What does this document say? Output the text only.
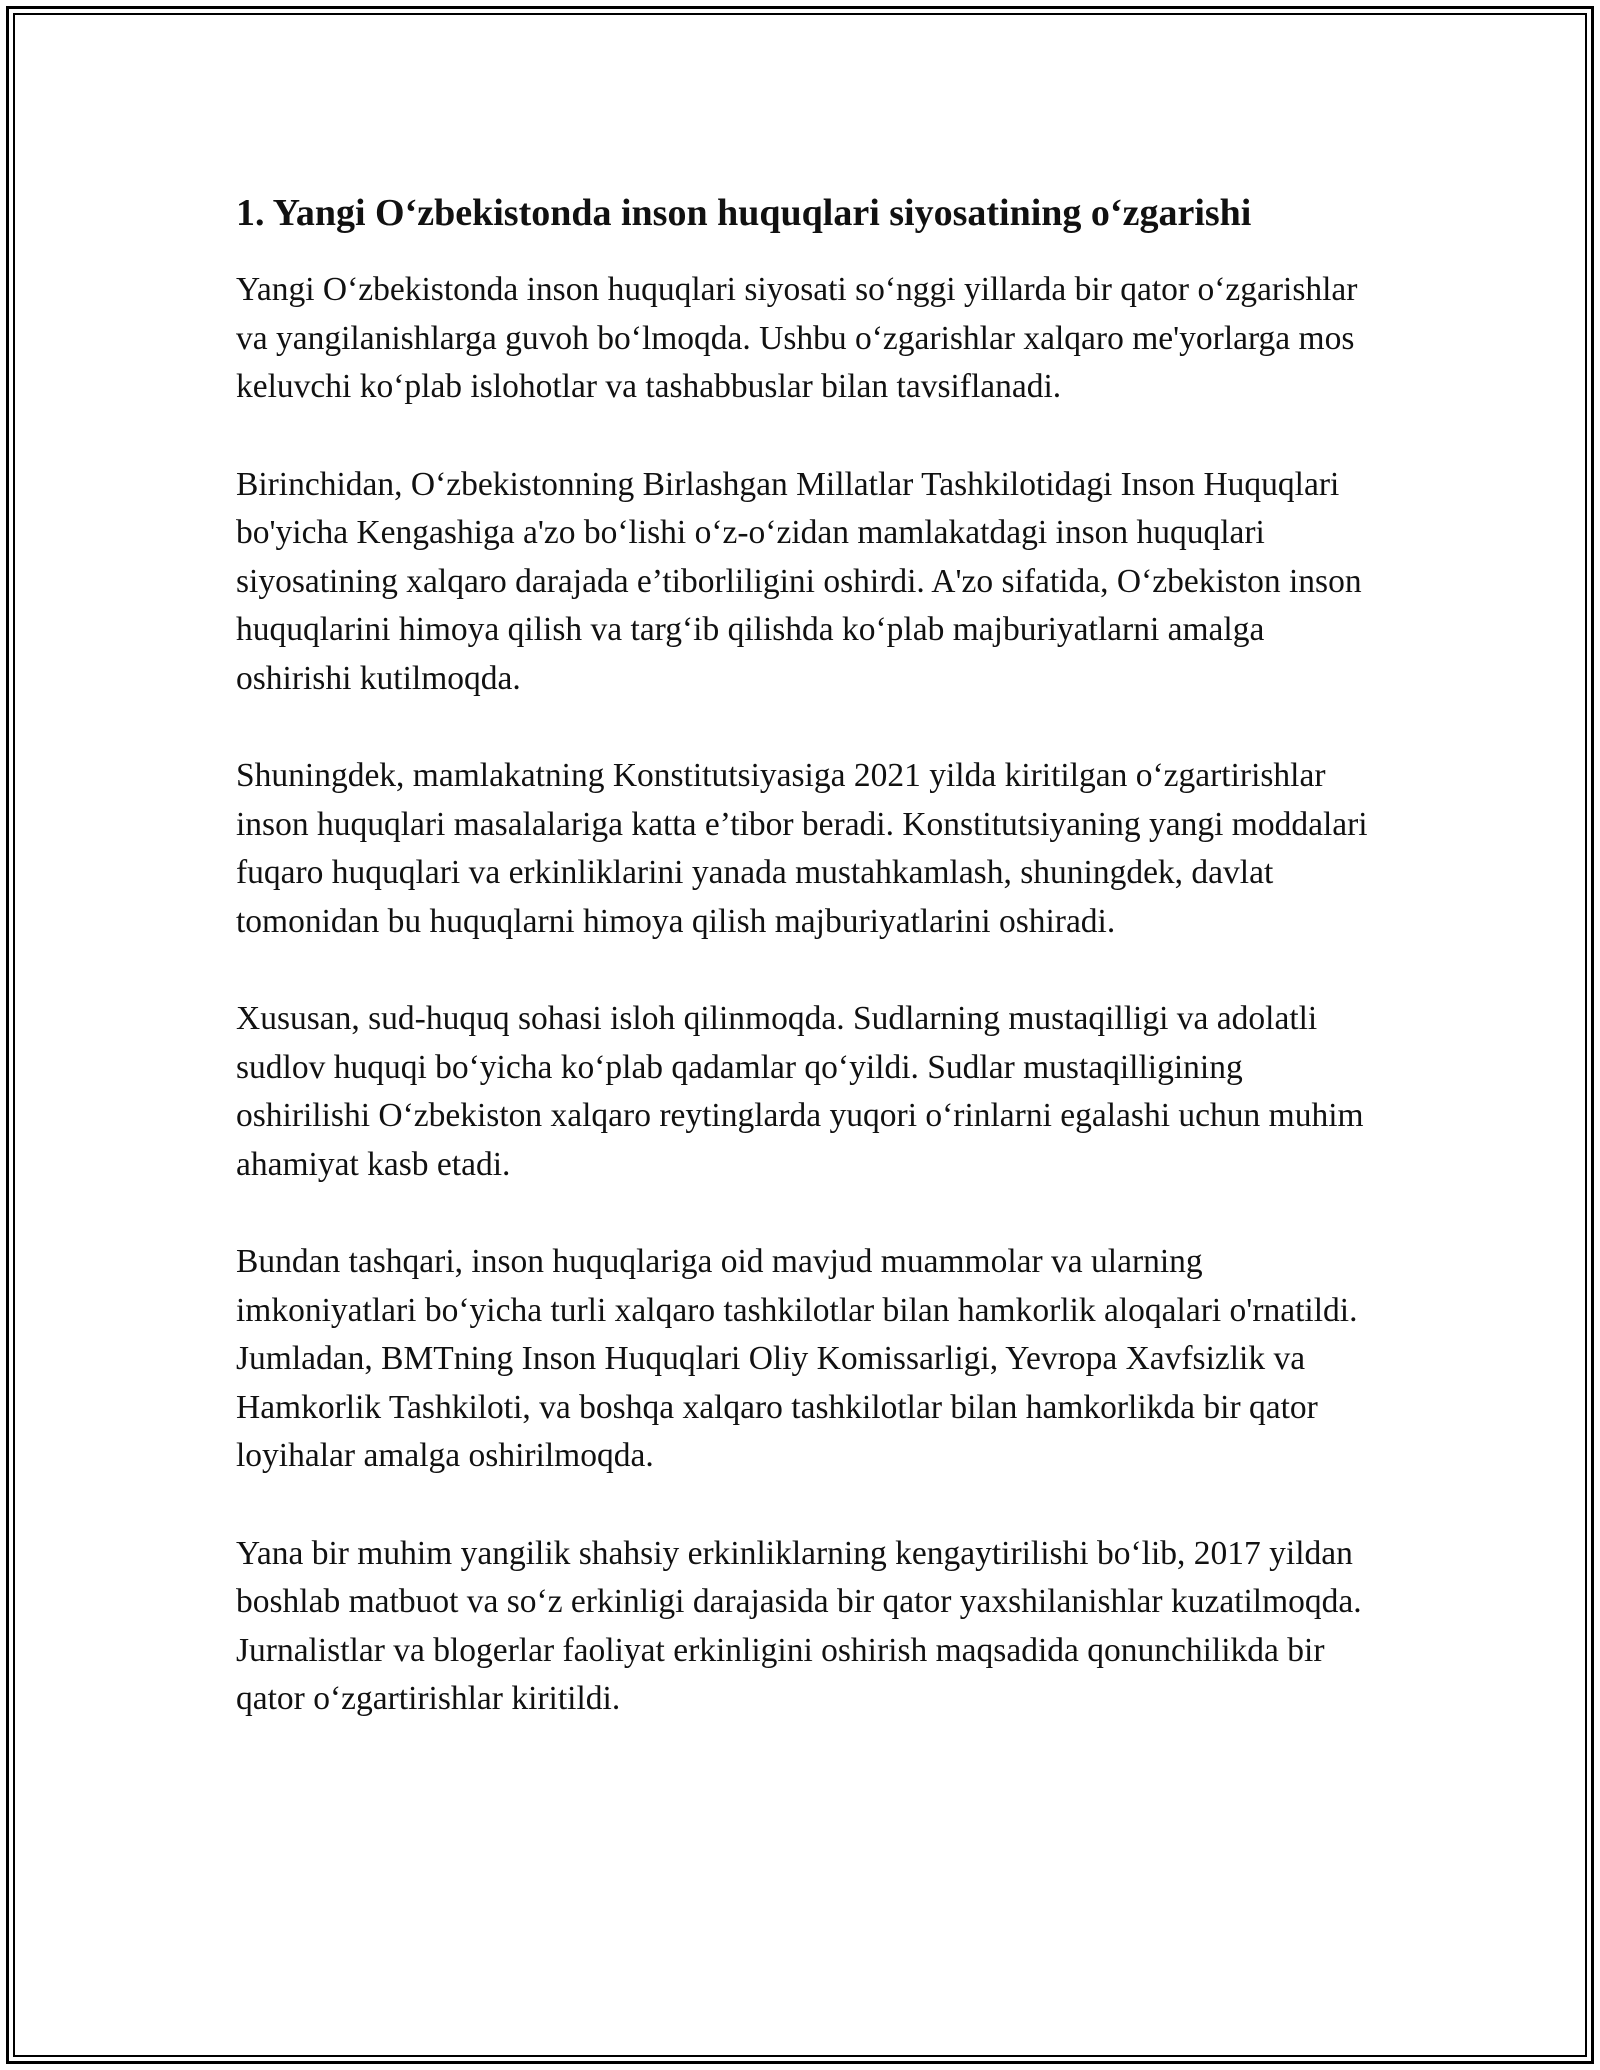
1. Yangi O‘zbekistonda inson huquqlari siyosatining o‘zgarishi

Yangi O‘zbekistonda inson huquqlari siyosati so‘nggi yillarda bir qator o‘zgarishlar va yangilanishlarga guvoh bo‘lmoqda. Ushbu o‘zgarishlar xalqaro me'yorlarga mos keluvchi ko‘plab islohotlar va tashabbuslar bilan tavsiflanadi.

Birinchidan, O‘zbekistonning Birlashgan Millatlar Tashkilotidagi Inson Huquqlari bo'yicha Kengashiga a'zo bo‘lishi o‘z-o‘zidan mamlakatdagi inson huquqlari siyosatining xalqaro darajada e’tiborliligini oshirdi. A'zo sifatida, O‘zbekiston inson huquqlarini himoya qilish va targ‘ib qilishda ko‘plab majburiyatlarni amalga oshirishi kutilmoqda.

Shuningdek, mamlakatning Konstitutsiyasiga 2021 yilda kiritilgan o‘zgartirishlar inson huquqlari masalalariga katta e’tibor beradi. Konstitutsiyaning yangi moddalari fuqaro huquqlari va erkinliklarini yanada mustahkamlash, shuningdek, davlat tomonidan bu huquqlarni himoya qilish majburiyatlarini oshiradi.

Xususan, sud-huquq sohasi isloh qilinmoqda. Sudlarning mustaqilligi va adolatli sudlov huquqi bo‘yicha ko‘plab qadamlar qo‘yildi. Sudlar mustaqilligining oshirilishi O‘zbekiston xalqaro reytinglarda yuqori o‘rinlarni egalashi uchun muhim ahamiyat kasb etadi.

Bundan tashqari, inson huquqlariga oid mavjud muammolar va ularning imkoniyatlari bo‘yicha turli xalqaro tashkilotlar bilan hamkorlik aloqalari o'rnatildi. Jumladan, BMTning Inson Huquqlari Oliy Komissarligi, Yevropa Xavfsizlik va Hamkorlik Tashkiloti, va boshqa xalqaro tashkilotlar bilan hamkorlikda bir qator loyihalar amalga oshirilmoqda.

Yana bir muhim yangilik shahsiy erkinliklarning kengaytirilishi bo‘lib, 2017 yildan boshlab matbuot va so‘z erkinligi darajasida bir qator yaxshilanishlar kuzatilmoqda. Jurnalistlar va blogerlar faoliyat erkinligini oshirish maqsadida qonunchilikda bir qator o‘zgartirishlar kiritildi.
